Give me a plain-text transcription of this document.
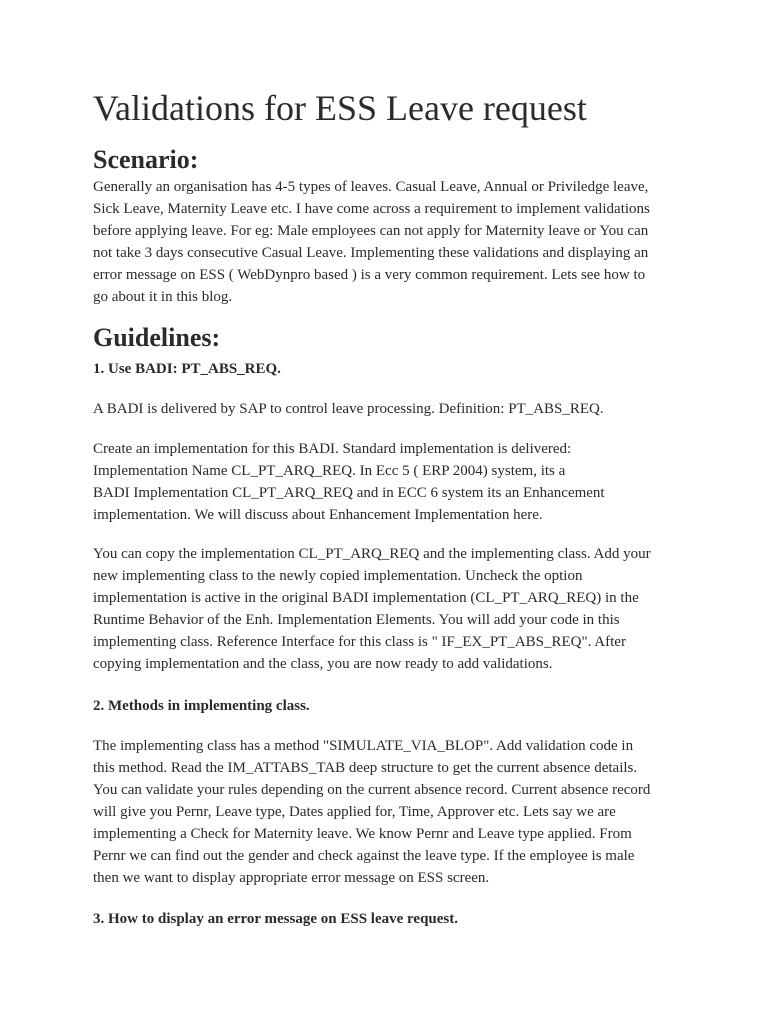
Validations for ESS Leave request
Scenario:
Generally an organisation has 4-5 types of leaves. Casual Leave, Annual or Priviledge leave,
Sick Leave, Maternity Leave etc. I have come across a requirement to implement validations
before applying leave. For eg: Male employees can not apply for Maternity leave or You can
not take 3 days consecutive Casual Leave. Implementing these validations and displaying an
error message on ESS ( WebDynpro based ) is a very common requirement. Lets see how to
go about it in this blog.
Guidelines:
1. Use BADI: PT_ABS_REQ.
A BADI is delivered by SAP to control leave processing. Definition: PT_ABS_REQ.
Create an implementation for this BADI. Standard implementation is delivered:
Implementation Name CL_PT_ARQ_REQ. In Ecc 5 ( ERP 2004) system, its a
BADI Implementation CL_PT_ARQ_REQ and in ECC 6 system its an Enhancement
implementation. We will discuss about Enhancement Implementation here.
You can copy the implementation CL_PT_ARQ_REQ and the implementing class. Add your
new implementing class to the newly copied implementation. Uncheck the option
implementation is active in the original BADI implementation (CL_PT_ARQ_REQ) in the
Runtime Behavior of the Enh. Implementation Elements. You will add your code in this
implementing class. Reference Interface for this class is " IF_EX_PT_ABS_REQ". After
copying implementation and the class, you are now ready to add validations.
2. Methods in implementing class.
The implementing class has a method "SIMULATE_VIA_BLOP". Add validation code in
this method. Read the IM_ATTABS_TAB deep structure to get the current absence details.
You can validate your rules depending on the current absence record. Current absence record
will give you Pernr, Leave type, Dates applied for, Time, Approver etc. Lets say we are
implementing a Check for Maternity leave. We know Pernr and Leave type applied. From
Pernr we can find out the gender and check against the leave type. If the employee is male
then we want to display appropriate error message on ESS screen.
3. How to display an error message on ESS leave request.
